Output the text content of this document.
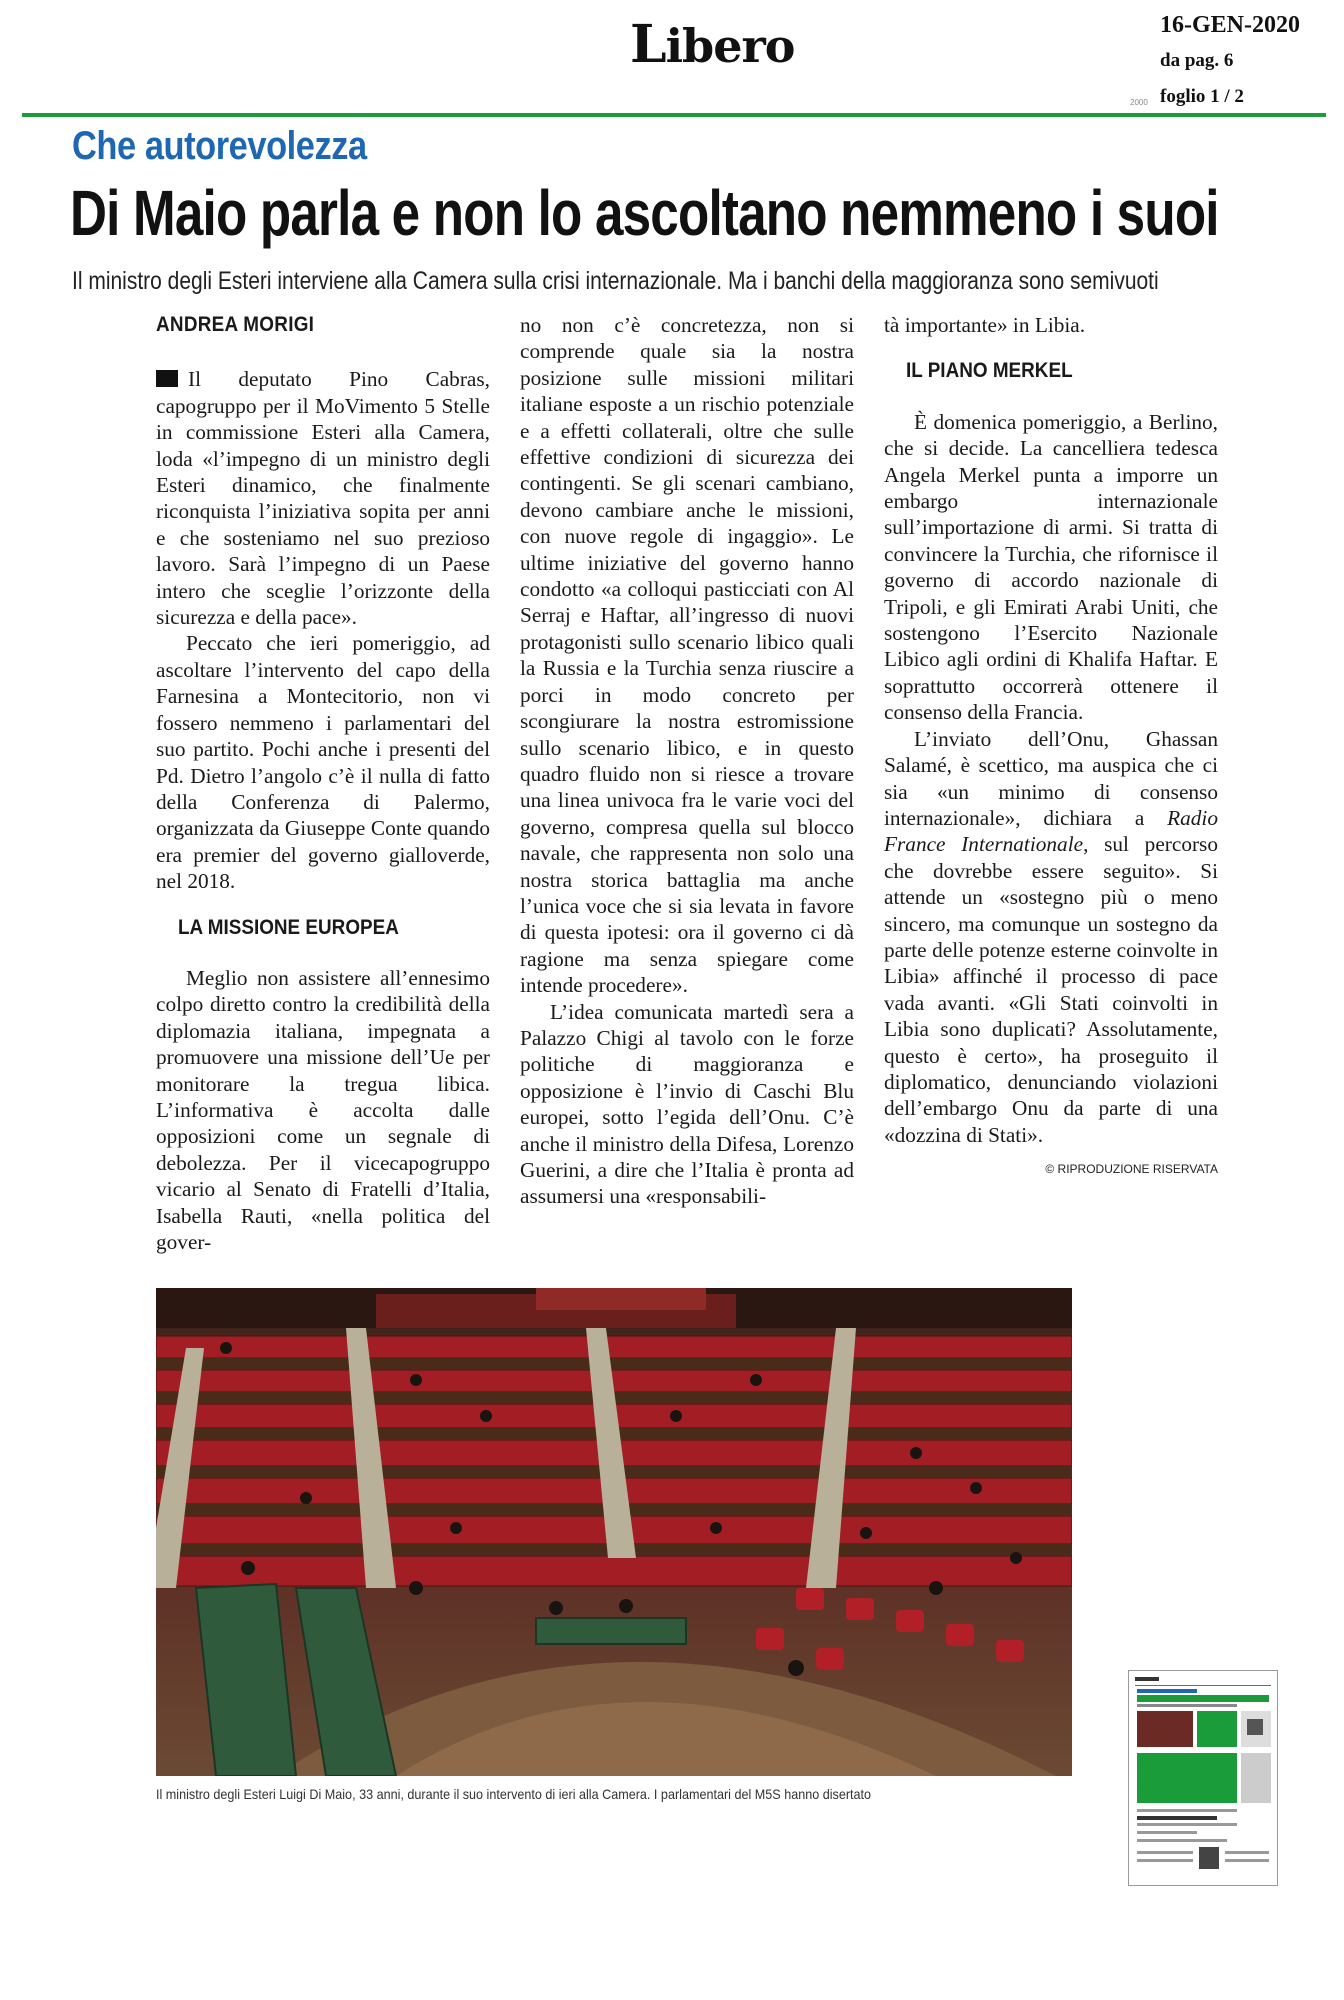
Libero	16-GEN-2020
da pag. 6
2000 foglio 1 / 2
Che autorevolezza
Di Maio parla e non lo ascoltano nemmeno i suoi
Il ministro degli Esteri interviene alla Camera sulla crisi internazionale. Ma i banchi della maggioranza sono semivuoti
ANDREA MORIGI

Il deputato Pino Cabras, capogruppo per il MoVimento 5 Stelle in commissione Esteri alla Camera, loda «l’impegno di un ministro degli Esteri dinamico, che finalmente riconquista l’iniziativa sopita per anni e che sosteniamo nel suo prezioso lavoro. Sarà l’impegno di un Paese intero che sceglie l’orizzonte della sicurezza e della pace».

Peccato che ieri pomeriggio, ad ascoltare l’intervento del capo della Farnesina a Montecitorio, non vi fossero nemmeno i parlamentari del suo partito. Pochi anche i presenti del Pd. Dietro l’angolo c’è il nulla di fatto della Conferenza di Palermo, organizzata da Giuseppe Conte quando era premier del governo gialloverde, nel 2018.

LA MISSIONE EUROPEA

Meglio non assistere all’ennesimo colpo diretto contro la credibilità della diplomazia italiana, impegnata a promuovere una missione dell’Ue per monitorare la tregua libica. L’informativa è accolta dalle opposizioni come un segnale di debolezza. Per il vicecapogruppo vicario al Senato di Fratelli d’Italia, Isabella Rauti, «nella politica del gover-

no non c’è concretezza, non si comprende quale sia la nostra posizione sulle missioni militari italiane esposte a un rischio potenziale e a effetti collaterali, oltre che sulle effettive condizioni di sicurezza dei contingenti. Se gli scenari cambiano, devono cambiare anche le missioni, con nuove regole di ingaggio». Le ultime iniziative del governo hanno condotto «a colloqui pasticciati con Al Serraj e Haftar, all’ingresso di nuovi protagonisti sullo scenario libico quali la Russia e la Turchia senza riuscire a porci in modo concreto per scongiurare la nostra estromissione sullo scenario libico, e in questo quadro fluido non si riesce a trovare una linea univoca fra le varie voci del governo, compresa quella sul blocco navale, che rappresenta non solo una nostra storica battaglia ma anche l’unica voce che si sia levata in favore di questa ipotesi: ora il governo ci dà ragione ma senza spiegare come intende procedere».

L’idea comunicata martedì sera a Palazzo Chigi al tavolo con le forze politiche di maggioranza e opposizione è l’invio di Caschi Blu europei, sotto l’egida dell’Onu. C’è anche il ministro della Difesa, Lorenzo Guerini, a dire che l’Italia è pronta ad assumersi una «responsabili-

tà importante» in Libia.

IL PIANO MERKEL

È domenica pomeriggio, a Berlino, che si decide. La cancelliera tedesca Angela Merkel punta a imporre un embargo internazionale sull’importazione di armi. Si tratta di convincere la Turchia, che rifornisce il governo di accordo nazionale di Tripoli, e gli Emirati Arabi Uniti, che sostengono l’Esercito Nazionale Libico agli ordini di Khalifa Haftar. E soprattutto occorrerà ottenere il consenso della Francia.

L’inviato dell’Onu, Ghassan Salamé, è scettico, ma auspica che ci sia «un minimo di consenso internazionale», dichiara a Radio France Internationale, sul percorso che dovrebbe essere seguito». Si attende un «sostegno più o meno sincero, ma comunque un sostegno da parte delle potenze esterne coinvolte in Libia» affinché il processo di pace vada avanti. «Gli Stati coinvolti in Libia sono duplicati? Assolutamente, questo è certo», ha proseguito il diplomatico, denunciando violazioni dell’embargo Onu da parte di una «dozzina di Stati».

© RIPRODUZIONE RISERVATA
Il ministro degli Esteri Luigi Di Maio, 33 anni, durante il suo intervento di ieri alla Camera. I parlamentari del M5S hanno disertato
